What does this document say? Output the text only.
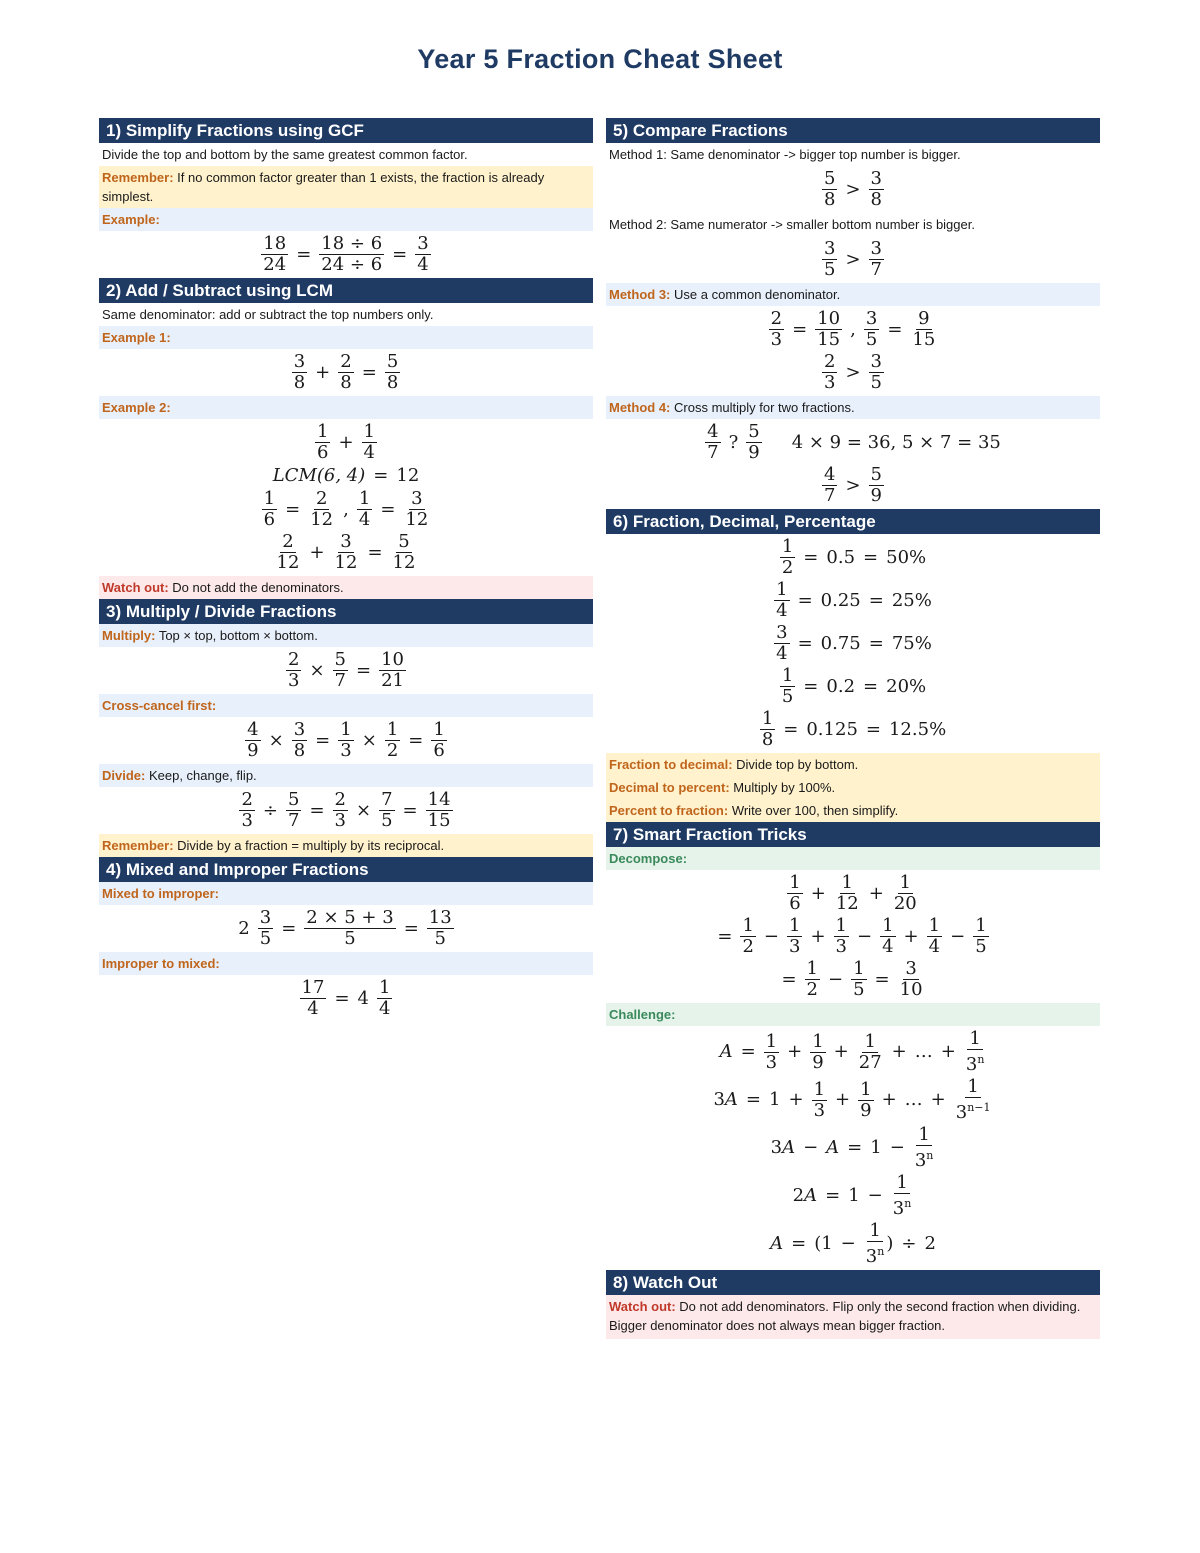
Year 5 Fraction Cheat Sheet
1) Simplify Fractions using GCF
Divide the top and bottom by the same greatest common factor.
Remember: If no common factor greater than 1 exists, the fraction is already simplest.
Example:
$\frac{18}{24} = \frac{18 \div 6}{24 \div 6} = \frac{3}{4}$
2) Add / Subtract using LCM
Same denominator: add or subtract the top numbers only.
Example 1:
3
$8 + \frac{2}{8} = \frac{5}{8}$
Example 2:
1
$6 + \frac{1}{4}$
LCM(6, 4) = 12
$\frac{1}{6} = \frac{2}{12}$ , $\frac{1}{4} = \frac{3}{12}$
2
$12 + \frac{3}{12} = \frac{5}{12}$
Watch out: Do not add the denominators.
3) Multiply / Divide Fractions
Multiply: Top × top, bottom × bottom.
$\frac{2}{3} \times \frac{5}{7} = \frac{10}{21}$
Cross-cancel first:
$\frac{4}{9} \times \frac{3}{8} = \frac{1}{3} \times \frac{1}{2} = \frac{1}{6}$
Divide: Keep, change, flip.
$\frac{2}{3} \div \frac{5}{7} = \frac{2}{3} \times \frac{7}{5} = \frac{14}{15}$
Remember: Divide by a fraction = multiply by its reciprocal.
4) Mixed and Improper Fractions
Mixed to improper:
$2 \frac{3}{5} = \frac{2 \times 5 + 3}{5} = \frac{13}{5}$
Improper to mixed:
$\frac{17}{4} = 4$ 1
4
5) Compare Fractions
Method 1: Same denominator -> bigger top number is bigger.
5
8 > 3
8
Method 2: Same numerator -> smaller bottom number is bigger.
3
5 > 3
7
Method 3: Use a common denominator.
$\frac{2}{3} = \frac{10}{15}$ , $\frac{3}{5} = \frac{9}{15}$
2
3 > 3
5
Method 4: Cross multiply for two fractions.
4
7 ? 5
9 4 × 9 = 36, 5 × 7 = 35
4
7 > 5
9
6) Fraction, Decimal, Percentage
$\frac{1}{2} = 0.5 = 50\%$
$\frac{1}{4} = 0.25 = 25\%$
$\frac{3}{4} = 0.75 = 75\%$
$\frac{1}{5} = 0.2 = 20\%$
$\frac{1}{8} = 0.125 = 12.5\%$
Fraction to decimal: Divide top by bottom.
Decimal to percent: Multiply by 100%.
Percent to fraction: Write over 100, then simplify.
7) Smart Fraction Tricks
Decompose:
1
$6 + \frac{1}{12} + \frac{1}{20}$
= $\frac{1}{2} - \frac{1}{3} + \frac{1}{3} - \frac{1}{4} + \frac{1}{4} - \frac{1}{5}$
= $\frac{1}{2} - \frac{1}{5} = \frac{3}{10}$
Challenge:
$A = \frac{1}{3} + \frac{1}{9} + \frac{1}{27}$ + … + $\frac{1}{3^n}$
3 $A = 1 + \frac{1}{3} + \frac{1}{9}$ + … + $\frac{1}{3^{n-1}}$
3 $A - A = 1 - \frac{1}{3^n}$
2 $A = 1 - \frac{1}{3^n}$
A = ( $1 - \frac{1}{3^n}$ ) ÷ 2
8) Watch Out
Watch out: Do not add denominators. Flip only the second fraction when dividing. Bigger denominator does not always mean bigger fraction.
